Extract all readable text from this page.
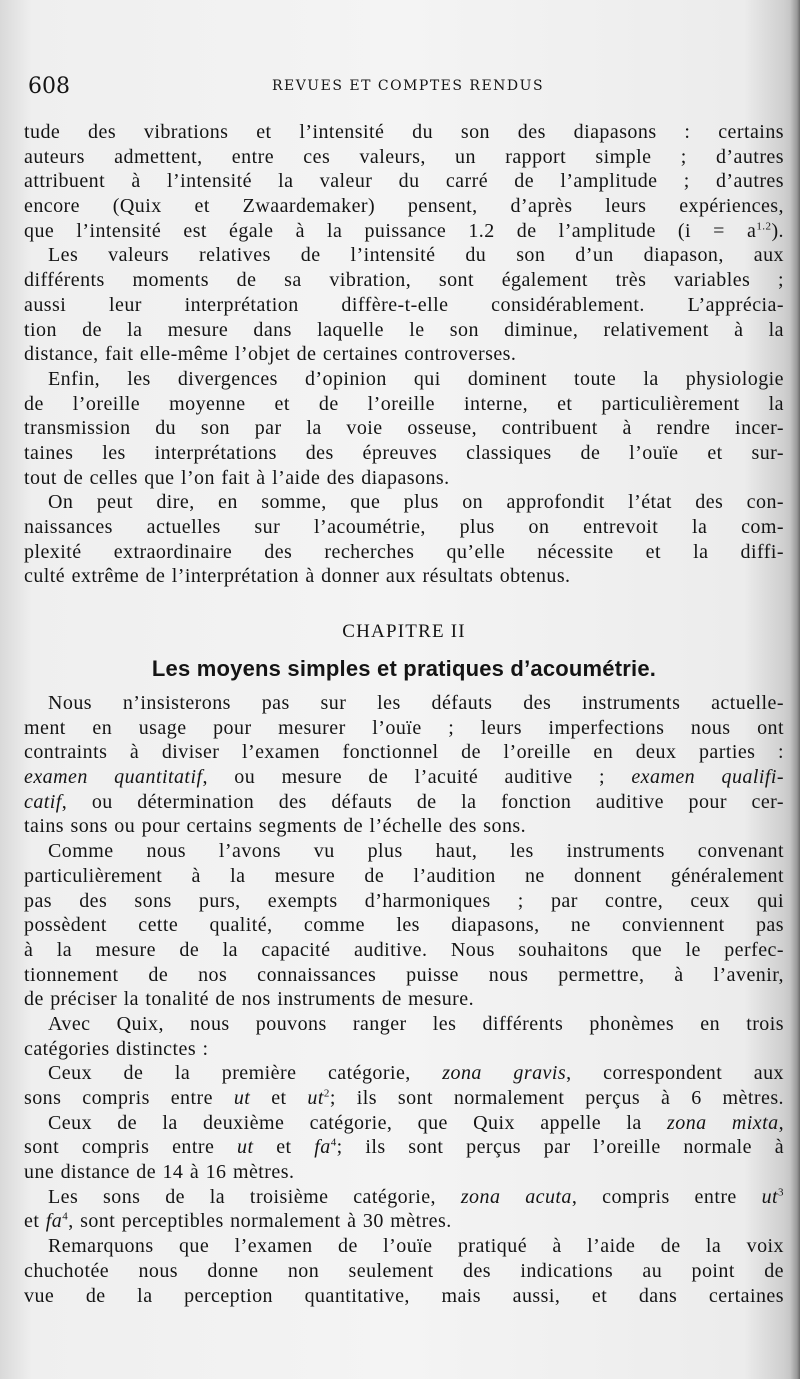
608	REVUES ET COMPTES RENDUS
tude des vibrations et l’intensité du son des diapasons : certains
auteurs admettent, entre ces valeurs, un rapport simple ; d’autres
attribuent à l’intensité la valeur du carré de l’amplitude ; d’autres
encore (Quix et Zwaardemaker) pensent, d’après leurs expériences,
que l’intensité est égale à la puissance 1.2 de l’amplitude $(i = a^{1.2})$.
Les valeurs relatives de l’intensité du son d’un diapason, aux
différents moments de sa vibration, sont également très variables ;
aussi leur interprétation diffère-t-elle considérablement. L’apprécia-
tion de la mesure dans laquelle le son diminue, relativement à la
distance, fait elle-même l’objet de certaines controverses.
Enfin, les divergences d’opinion qui dominent toute la physiologie
de l’oreille moyenne et de l’oreille interne, et particulièrement la
transmission du son par la voie osseuse, contribuent à rendre incer-
taines les interprétations des épreuves classiques de l’ouïe et sur-
tout de celles que l’on fait à l’aide des diapasons.
On peut dire, en somme, que plus on approfondit l’état des con-
naissances actuelles sur l’acoumétrie, plus on entrevoit la com-
plexité extraordinaire des recherches qu’elle nécessite et la diffi-
culté extrême de l’interprétation à donner aux résultats obtenus.
CHAPITRE II
Les moyens simples et pratiques d’acoumétrie.
Nous n’insisterons pas sur les défauts des instruments actuelle-
ment en usage pour mesurer l’ouïe ; leurs imperfections nous ont
contraints à diviser l’examen fonctionnel de l’oreille en deux parties :
examen quantitatif, ou mesure de l’acuité auditive ; examen qualifi-
catif, ou détermination des défauts de la fonction auditive pour cer-
tains sons ou pour certains segments de l’échelle des sons.
Comme nous l’avons vu plus haut, les instruments convenant
particulièrement à la mesure de l’audition ne donnent généralement
pas des sons purs, exempts d’harmoniques ; par contre, ceux qui
possèdent cette qualité, comme les diapasons, ne conviennent pas
à la mesure de la capacité auditive. Nous souhaitons que le perfec-
tionnement de nos connaissances puisse nous permettre, à l’avenir,
de préciser la tonalité de nos instruments de mesure.
Avec Quix, nous pouvons ranger les différents phonèmes en trois
catégories distinctes :
Ceux de la première catégorie, zona gravis, correspondent aux
sons compris entre ut et $ut^2$; ils sont normalement perçus à 6 mètres.
Ceux de la deuxième catégorie, que Quix appelle la zona mixta,
sont compris entre ut et $fa^4$; ils sont perçus par l’oreille normale à
une distance de 14 à 16 mètres.
Les sons de la troisième catégorie, zona acuta, compris entre $ut^3$
et $fa^4$, sont perceptibles normalement à 30 mètres.
Remarquons que l’examen de l’ouïe pratiqué à l’aide de la voix
chuchotée nous donne non seulement des indications au point de
vue de la perception quantitative, mais aussi, et dans certaines
